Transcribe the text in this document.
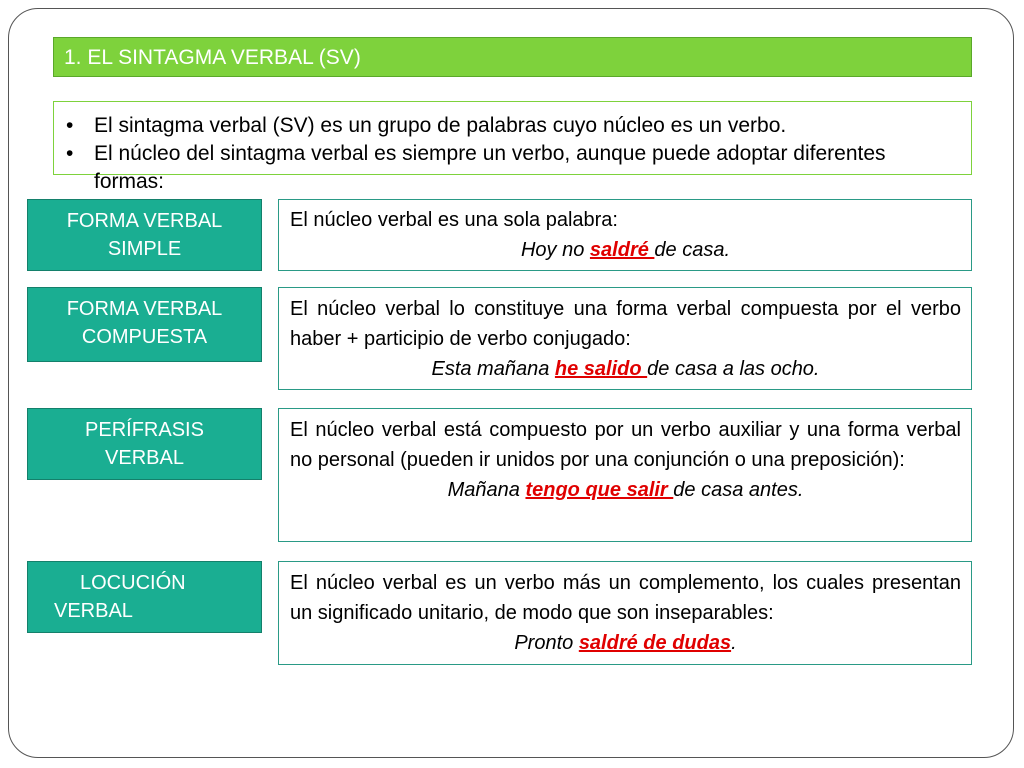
1. EL SINTAGMA VERBAL (SV)
• El sintagma verbal (SV) es un grupo de palabras cuyo núcleo es un verbo.
• El núcleo del sintagma verbal es siempre un verbo, aunque puede adoptar diferentes formas:
FORMA VERBAL
SIMPLE
El núcleo verbal es una sola palabra:
Hoy no saldré de casa.
FORMA VERBAL
COMPUESTA
El núcleo verbal lo constituye una forma verbal compuesta por el verbo haber + participio de verbo conjugado:
Esta mañana he salido de casa a las ocho.
PERÍFRASIS
VERBAL
El núcleo verbal está compuesto por un verbo auxiliar y una forma verbal no personal (pueden ir unidos por una conjunción o una preposición):
Mañana tengo que salir de casa antes.
LOCUCIÓN
VERBAL
El núcleo verbal es un verbo más un complemento, los cuales presentan un significado unitario, de modo que son inseparables:
Pronto saldré de dudas.
